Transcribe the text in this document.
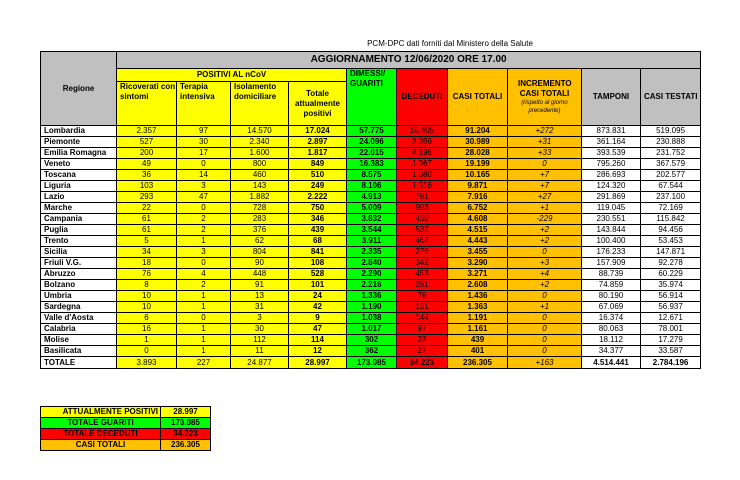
PCM-DPC dati forniti dal Ministero della Salute
Regione	AGGIORNAMENTO 12/06/2020 ORE 17.00									
	POSITIVI AL nCoV				DIMESSI/ GUARITI	DECEDUTI	CASI TOTALI	INCREMENTO CASI TOTALI
(rispetto al giorno precedente)	TAMPONI	CASI TESTATI
	Ricoverati con sintomi	Terapia intensiva	Isolamento domiciliare	Totale attualmente positivi						
Lombardia	2.357	97	14.570	17.024	57.775	16.405	91.204	+272	873.831	519.095
Piemonte	527	30	2.340	2.897	24.096	3.996	30.989	+31	361.164	230.888
Emilia Romagna	200	17	1.600	1.817	22.015	4.196	28.028	+33	393.539	231.752
Veneto	49	0	800	849	16.383	1.967	19.199	0	795.260	367.579
Toscana	36	14	460	510	8.575	1.080	10.165	+7	286.693	202.577
Liguria	103	3	143	249	8.106	1.516	9.871	+7	124.320	67.544
Lazio	293	47	1.882	2.222	4.913	781	7.916	+27	291.869	237.100
Marche	22	0	728	750	5.009	993	6.752	+1	119.045	72.169
Campania	61	2	283	346	3.832	430	4.608	-229	230.551	115.842
Puglia	61	2	376	439	3.544	532	4.515	+2	143.844	94.456
Trento	5	1	62	68	3.911	464	4.443	+2	100.400	53.453
Sicilia	34	3	804	841	2.335	279	3.455	0	176.233	147.871
Friuli V.G.	18	0	90	108	2.840	342	3.290	+3	157.909	92.278
Abruzzo	76	4	448	528	2.290	453	3.271	+4	88.739	60.229
Bolzano	8	2	91	101	2.216	291	2.608	+2	74.859	35.974
Umbria	10	1	13	24	1.336	76	1.436	0	80.190	56.914
Sardegna	10	1	31	42	1.190	131	1.363	+1	67.069	56.937
Valle d'Aosta	6	0	3	9	1.038	144	1.191	0	16.374	12.671
Calabria	16	1	30	47	1.017	97	1.161	0	80.063	78.001
Molise	1	1	112	114	302	23	439	0	18.112	17.279
Basilicata	0	1	11	12	362	27	401	0	34.377	33.587
TOTALE	3.893	227	24.877	28.997	173.085	34.223	236.305	+163	4.514.441	2.784.196
ATTUALMENTE POSITIVI	28.997
TOTALE GUARITI	173.085
TOTALE DECEDUTI	34.223
CASI TOTALI	236.305
